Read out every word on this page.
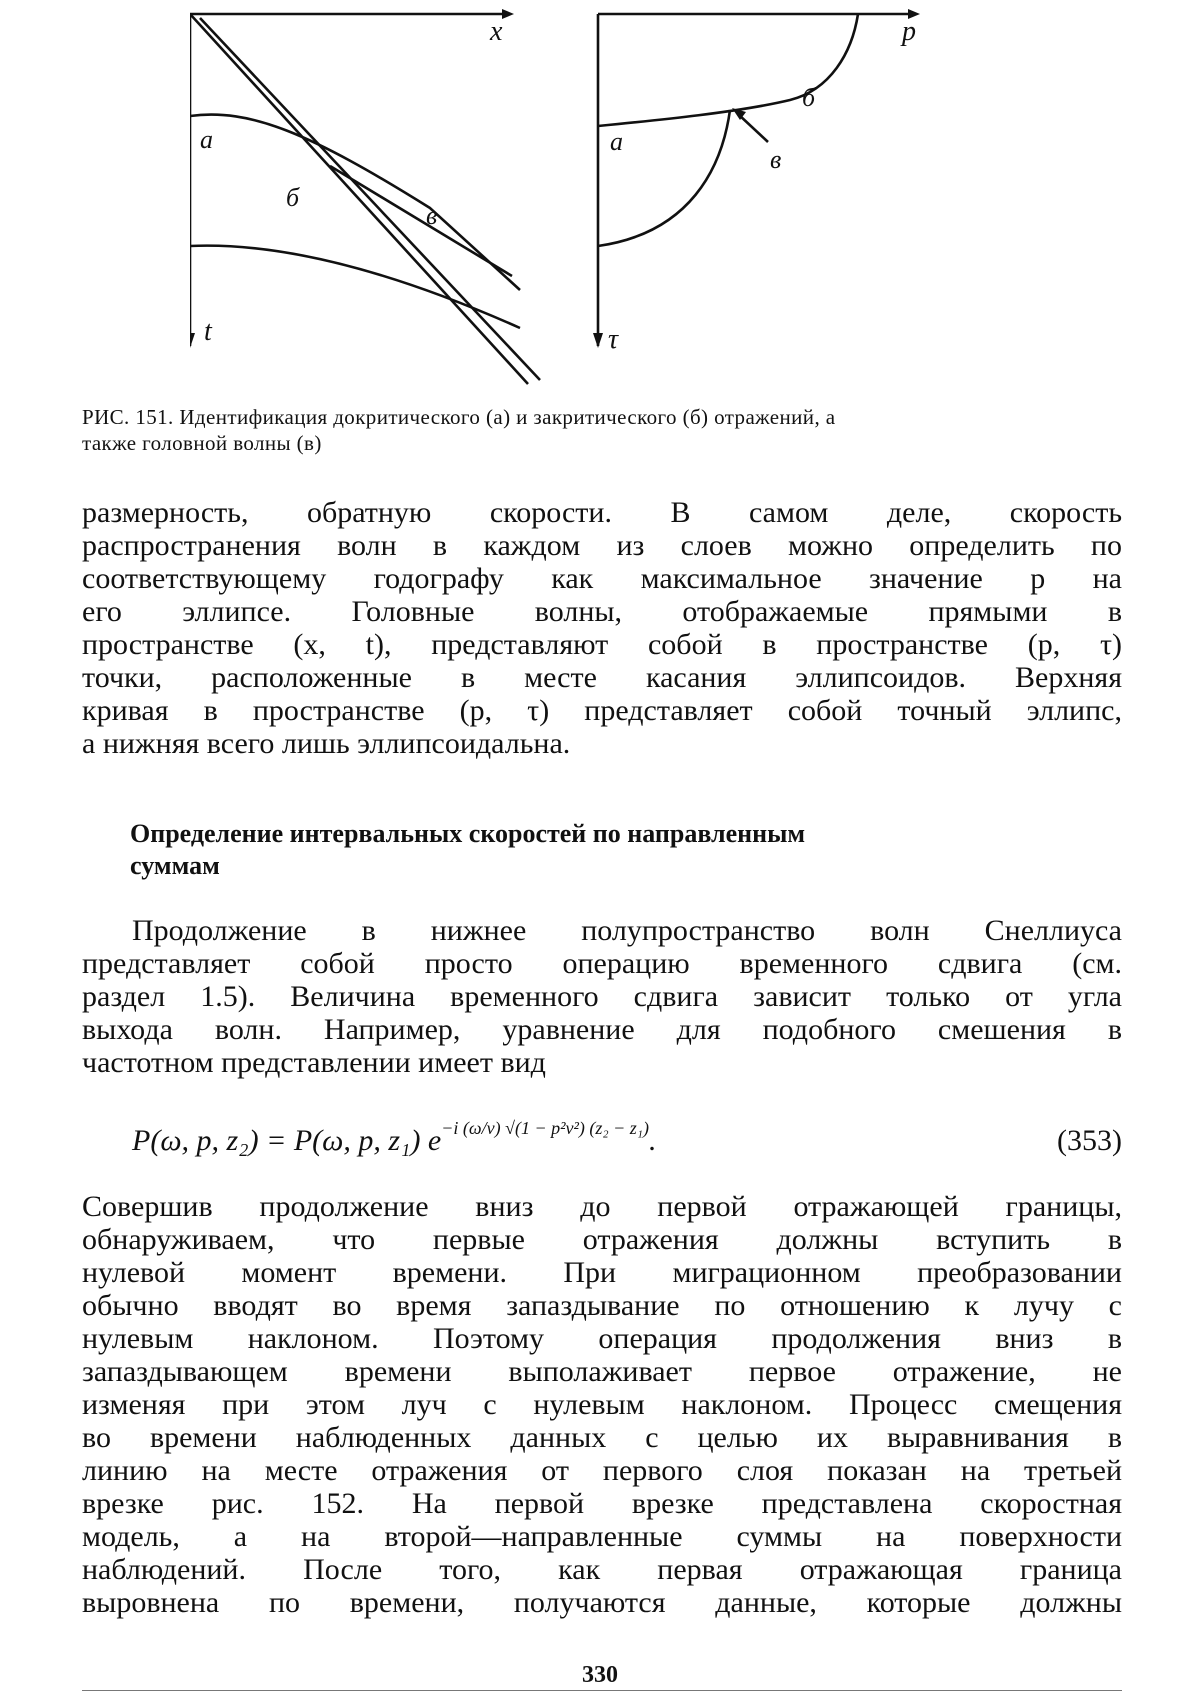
x
t
а
б
в
p
τ
а
б
в
РИС. 151. Идентификация докритического (а) и закритического (б) отражений, а
также головной волны (в)
размерность, обратную скорости. В самом деле, скорость
распространения волн в каждом из слоев можно определить по
соответствующему годографу как максимальное значение p на
его эллипсе. Головные волны, отображаемые прямыми в
пространстве (x, t), представляют собой в пространстве (p, τ)
точки, расположенные в месте касания эллипсоидов. Верхняя
кривая в пространстве (p, τ) представляет собой точный эллипс,
а нижняя всего лишь эллипсоидальна.
Определение интервальных скоростей по направленным
суммам
Продолжение в нижнее полупространство волн Снеллиуса
представляет собой просто операцию временного сдвига (см.
раздел 1.5). Величина временного сдвига зависит только от угла
выхода волн. Например, уравнение для подобного смешения в
частотном представлении имеет вид
P(ω, p, z₂) = P(ω, p, z₁) $e^{-i (\omega/v) √(1 - p^2v^2) (z_2 - z_1)}$.	(353)
Совершив продолжение вниз до первой отражающей границы,
обнаруживаем, что первые отражения должны вступить в
нулевой момент времени. При миграционном преобразовании
обычно вводят во время запаздывание по отношению к лучу с
нулевым наклоном. Поэтому операция продолжения вниз в
запаздывающем времени выполаживает первое отражение, не
изменяя при этом луч с нулевым наклоном. Процесс смещения
во времени наблюденных данных с целью их выравнивания в
линию на месте отражения от первого слоя показан на третьей
врезке рис. 152. На первой врезке представлена скоростная
модель, а на второй—направленные суммы на поверхности
наблюдений. После того, как первая отражающая граница
выровнена по времени, получаются данные, которые должны
330
